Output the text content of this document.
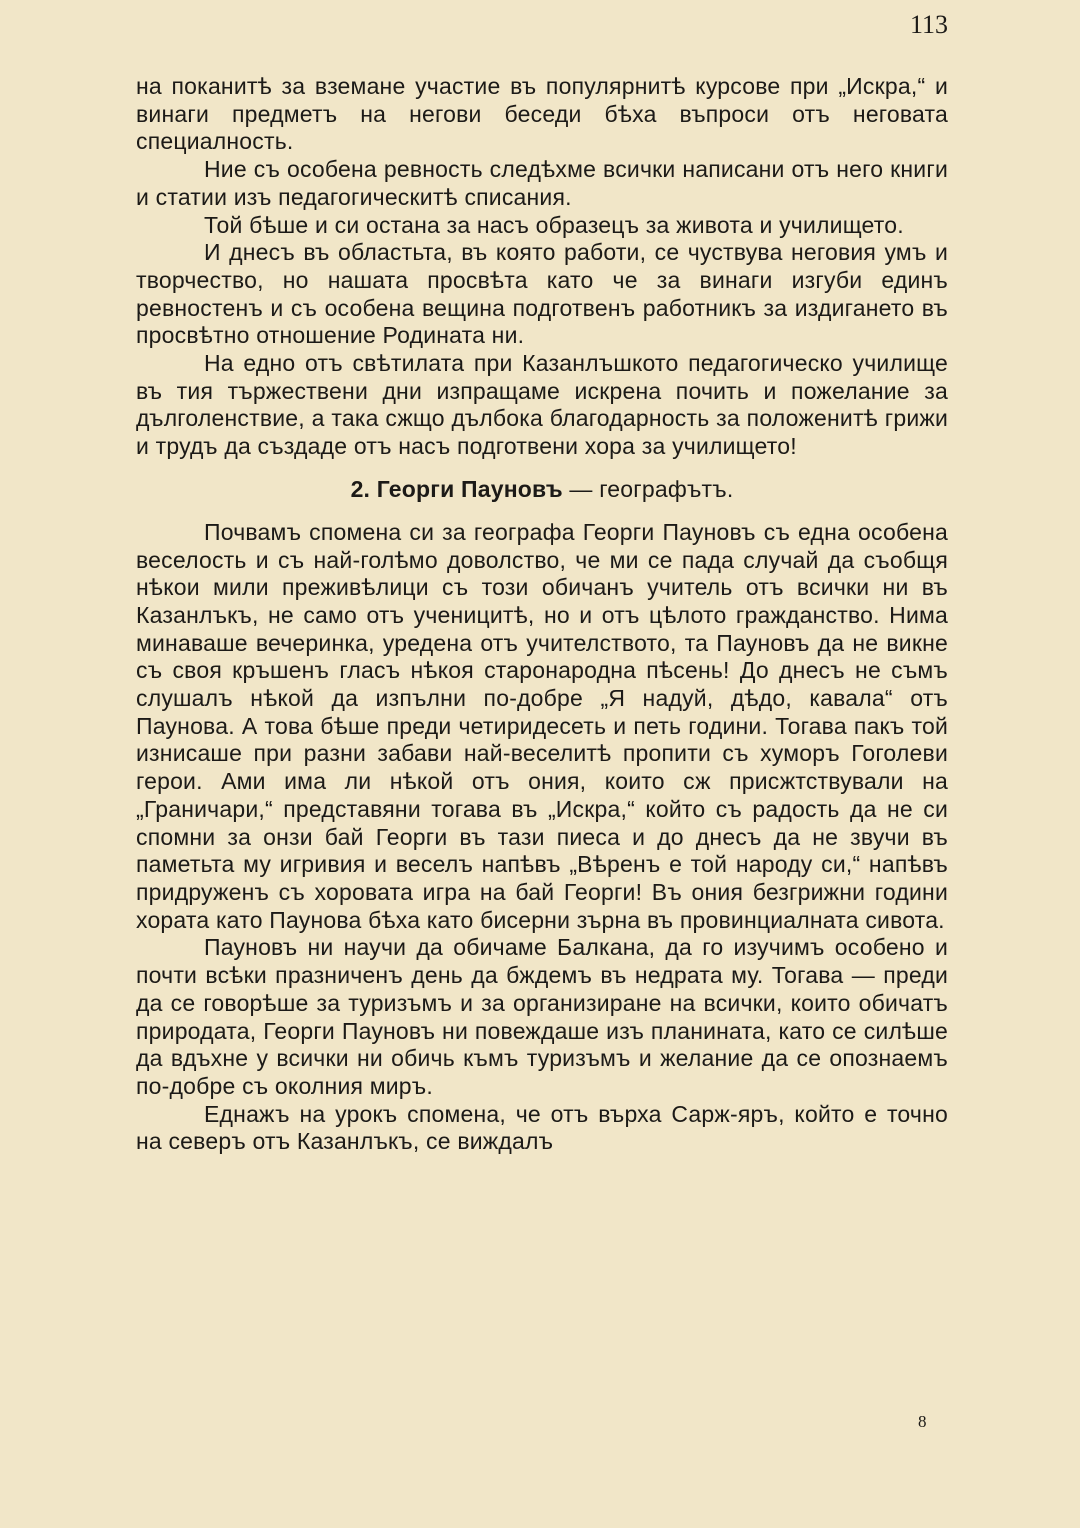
113

на поканитѣ за вземане участие въ популярнитѣ курсове при „Искра,“ и винаги предметъ на негови беседи бѣха въпроси отъ неговата специалность.

Ние съ особена ревность следѣхме всички написани отъ него книги и статии изъ педагогическитѣ списания.

Той бѣше и си остана за насъ образецъ за живота и училището.

И днесъ въ областьта, въ която работи, се чуствува неговия умъ и творчество, но нашата просвѣта като че за винаги изгуби единъ ревностенъ и съ особена вещина подготвенъ работникъ за издигането въ просвѣтно отношение Родината ни.

На едно отъ свѣтилата при Казанлъшкото педагогическо училище въ тия тържествени дни изпращаме искрена почить и пожелание за дълголенствие, а така сжщо дълбока благодарность за положенитѣ грижи и трудъ да създаде отъ насъ подготвени хора за училището!

2. Георги Пауновъ — географътъ.

Почвамъ спомена си за географа Георги Пауновъ съ една особена веселость и съ най-голѣмо доволство, че ми се пада случай да съобщя нѣкои мили преживѣлици съ този обичанъ учитель отъ всички ни въ Казанлъкъ, не само отъ ученицитѣ, но и отъ цѣлото гражданство. Нима минаваше вечеринка, уредена отъ учителството, та Пауновъ да не викне съ своя кръшенъ гласъ нѣкоя старонародна пѣсень! До днесъ не съмъ слушалъ нѣкой да изпълни по-добре „Я надуй, дѣдо, кавала“ отъ Паунова. А това бѣше преди четиридесеть и петь години. Тогава пакъ той изнисаше при разни забави най-веселитѣ пропити съ хуморъ Гоголеви герои. Ами има ли нѣкой отъ ония, които сж присжтствували на „Граничари,“ представяни тогава въ „Искра,“ който съ радость да не си спомни за онзи бай Георги въ тази пиеса и до днесъ да не звучи въ паметьта му игривия и веселъ напѣвъ „Вѣренъ е той народу си,“ напѣвъ придруженъ съ хоровата игра на бай Георги! Въ ония безгрижни години хората като Паунова бѣха като бисерни зърна въ провинциалната сивота.

Пауновъ ни научи да обичаме Балкана, да го изучимъ особено и почти всѣки празниченъ день да бждемъ въ недрата му. Тогава — преди да се говорѣше за туризъмъ и за организиране на всички, които обичатъ природата, Георги Пауновъ ни повеждаше изъ планината, като се силѣше да вдъхне у всички ни обичь къмъ туризъмъ и желание да се опознаемъ по-добре съ околния миръ.

Еднажъ на урокъ спомена, че отъ върха Сарж-яръ, който е точно на северъ отъ Казанлъкъ, се виждалъ

8
